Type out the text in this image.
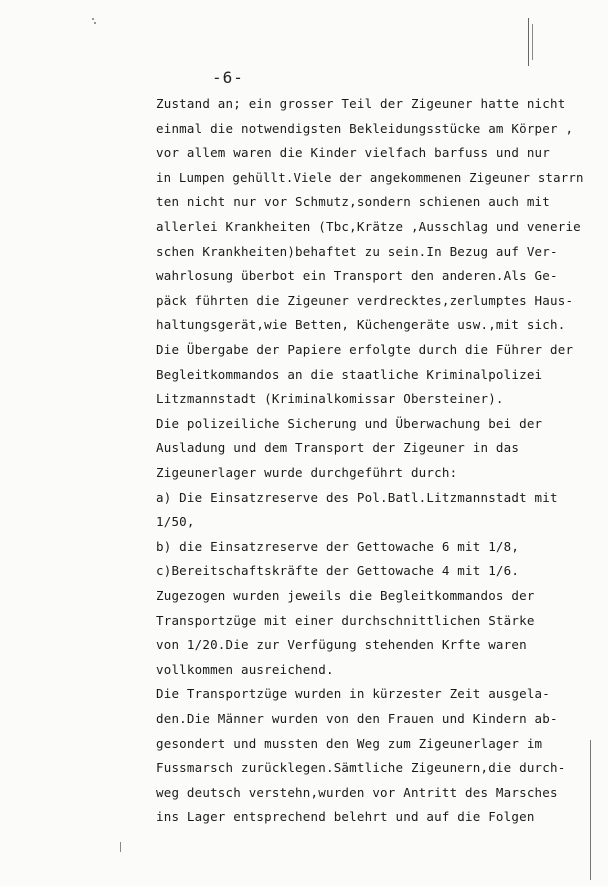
-6-
Zustand an; ein grosser Teil der Zigeuner hatte nicht
einmal die notwendigsten Bekleidungsstücke am Körper ,
vor allem waren die Kinder vielfach barfuss und nur
in Lumpen gehüllt.Viele der angekommenen Zigeuner starrn
ten nicht nur vor Schmutz,sondern schienen auch mit
allerlei Krankheiten (Tbc,Krätze ,Ausschlag und venerie
schen Krankheiten)behaftet zu sein.In Bezug auf Ver-
wahrlosung überbot ein Transport den anderen.Als Ge-
päck führten die Zigeuner verdrecktes,zerlumptes Haus-
haltungsgerät,wie Betten, Küchengeräte usw.,mit sich.
Die Übergabe der Papiere erfolgte durch die Führer der
Begleitkommandos an die staatliche Kriminalpolizei
Litzmannstadt (Kriminalkomissar Obersteiner).
Die polizeiliche Sicherung und Überwachung bei der
Ausladung und dem Transport der Zigeuner in das
Zigeunerlager wurde durchgeführt durch:
a) Die Einsatzreserve des Pol.Batl.Litzmannstadt mit
1/50,
b) die Einsatzreserve der Gettowache 6 mit 1/8,
c)Bereitschaftskräfte der Gettowache 4 mit 1/6.
Zugezogen wurden jeweils die Begleitkommandos der
Transportzüge mit einer durchschnittlichen Stärke
von 1/20.Die zur Verfügung stehenden Krfte waren
vollkommen ausreichend.
Die Transportzüge wurden in kürzester Zeit ausgela-
den.Die Männer wurden von den Frauen und Kindern ab-
gesondert und mussten den Weg zum Zigeunerlager im
Fussmarsch zurücklegen.Sämtliche Zigeunern,die durch-
weg deutsch verstehn,wurden vor Antritt des Marsches
ins Lager entsprechend belehrt und auf die Folgen
